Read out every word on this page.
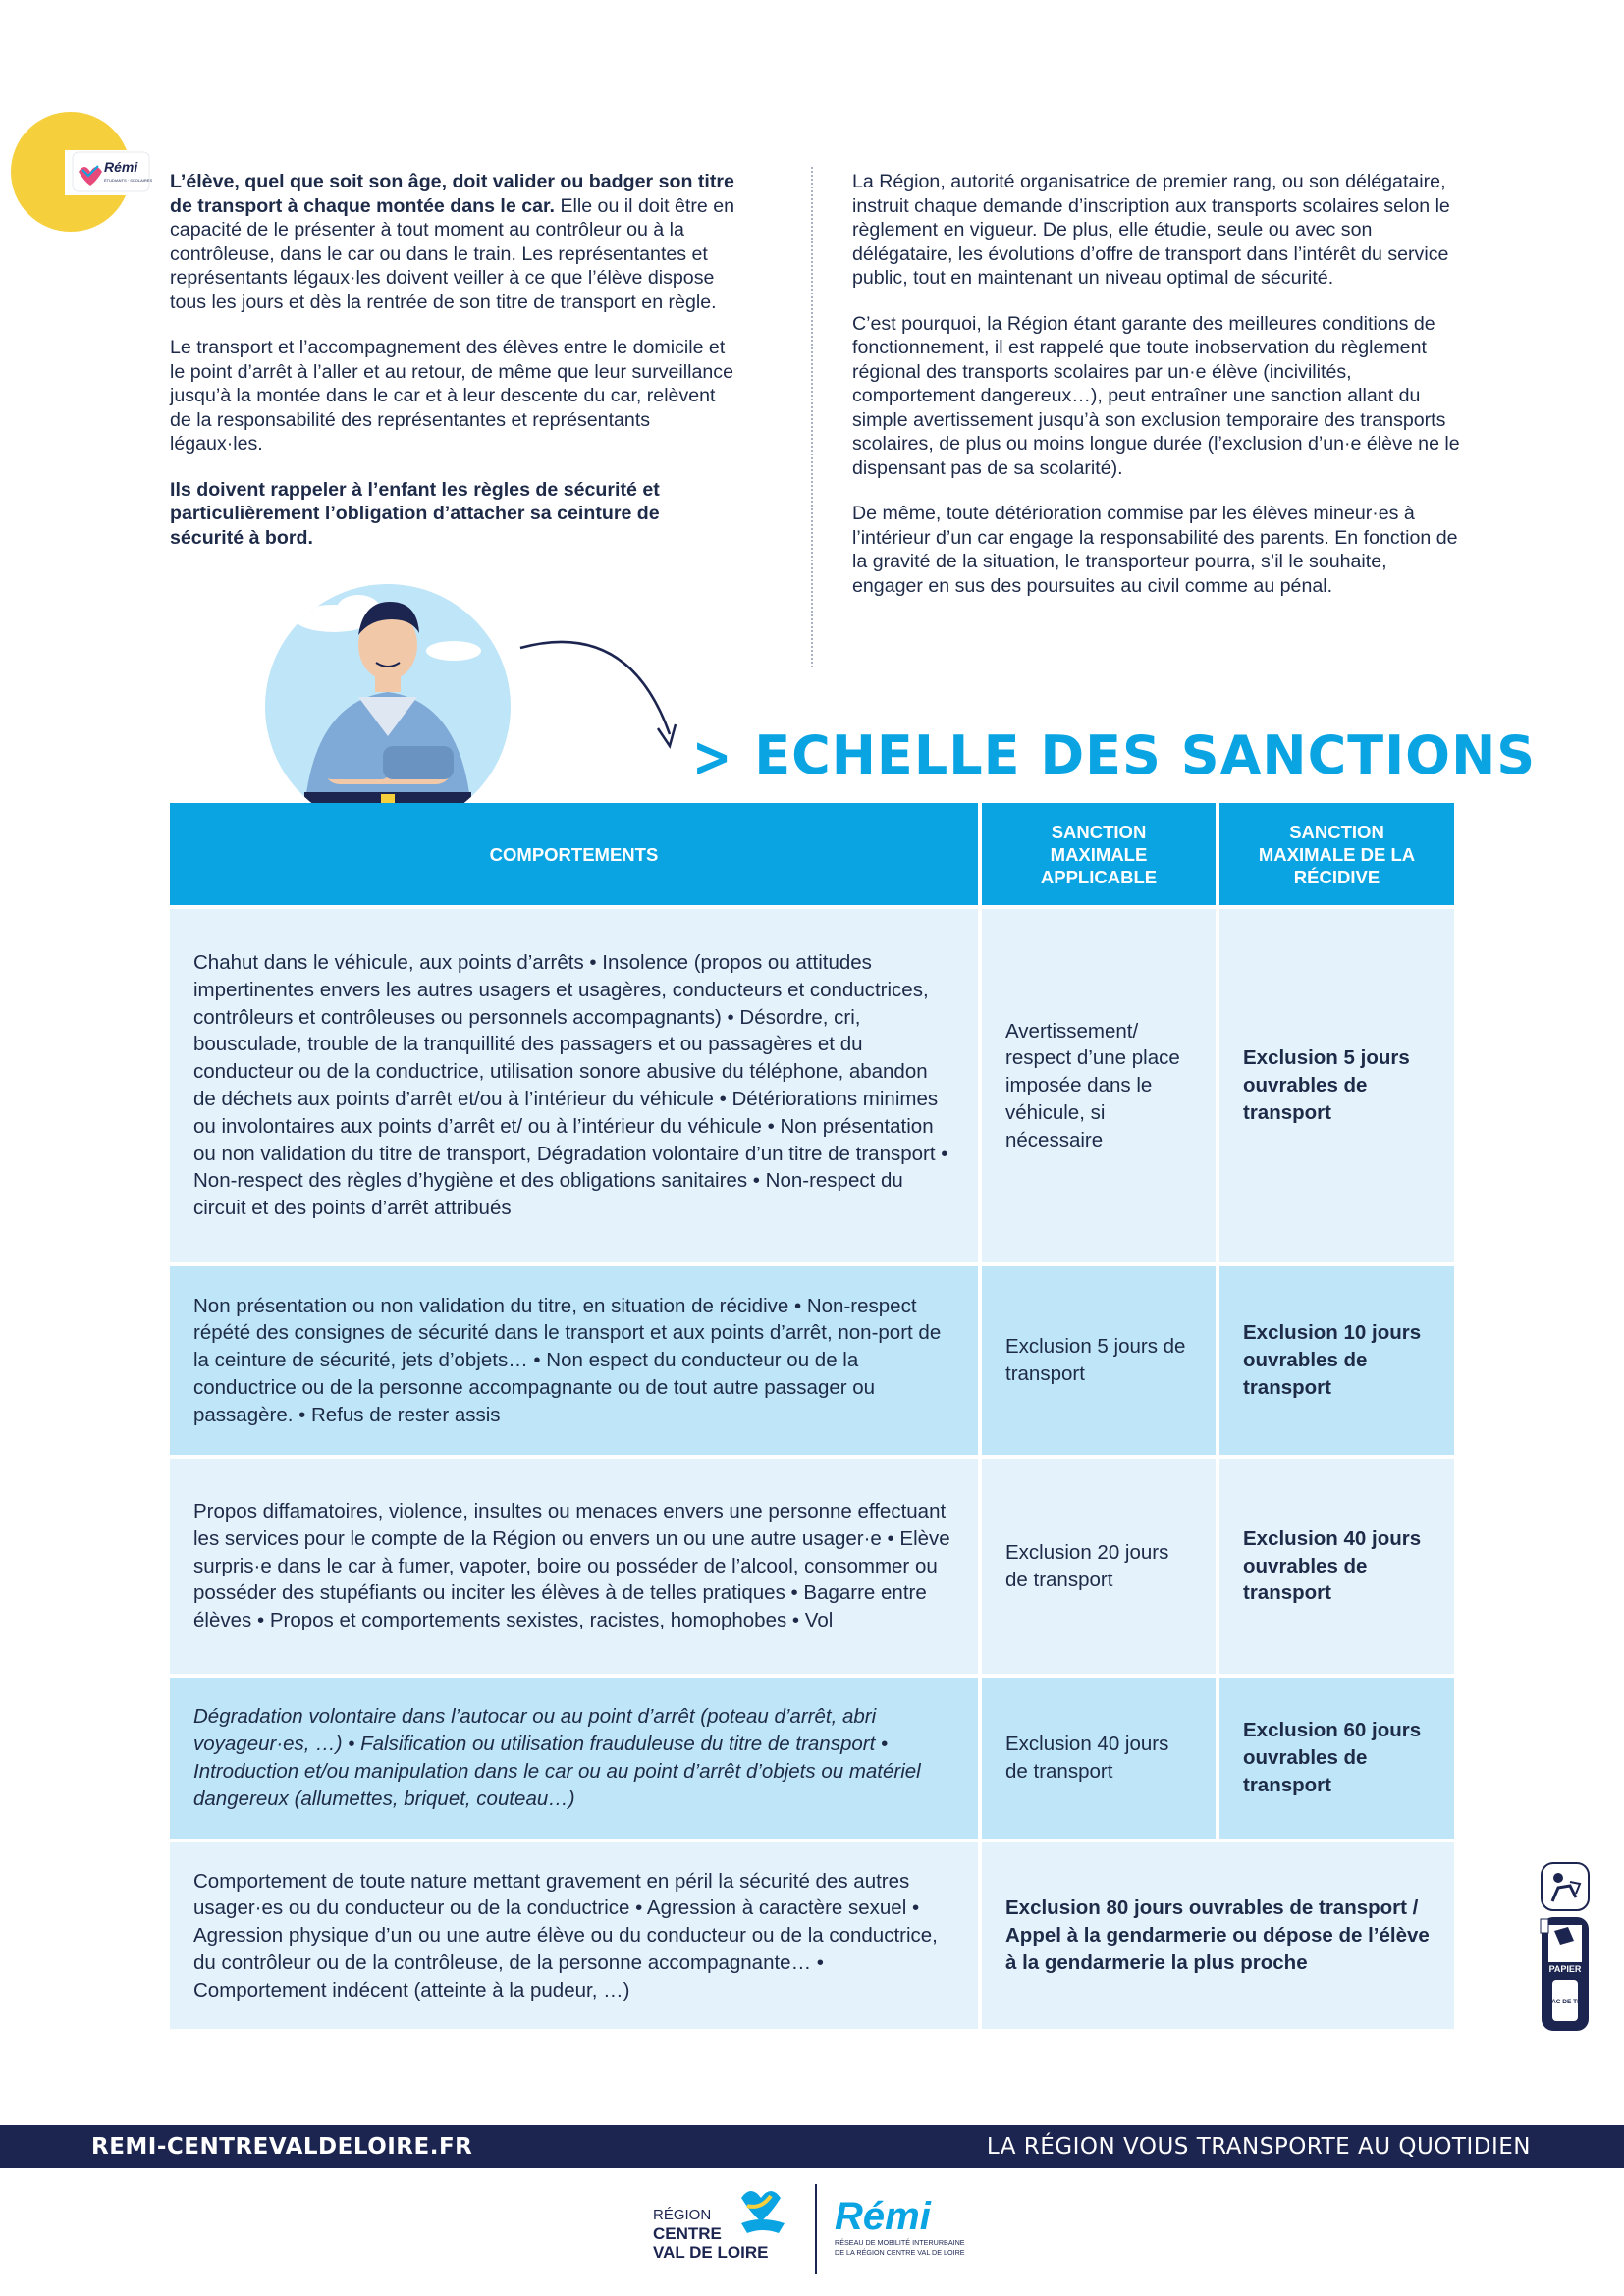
Rémi
ÉTUDIANTS · SCOLAIRES L’élève, quel que soit son âge, doit valider ou badger son titre de transport à chaque montée dans le car. Elle ou il doit être en capacité de le présenter à tout moment au contrôleur ou à la contrôleuse, dans le car ou dans le train. Les représentantes et représentants légaux·les doivent veiller à ce que l’élève dispose tous les jours et dès la rentrée de son titre de transport en règle.

Le transport et l’accompagnement des élèves entre le domicile et le point d’arrêt à l’aller et au retour, de même que leur surveillance jusqu’à la montée dans le car et à leur descente du car, relèvent de la responsabilité des représentantes et représentants légaux·les.

Ils doivent rappeler à l’enfant les règles de sécurité et particulièrement l’obligation d’attacher sa ceinture de sécurité à bord.

La Région, autorité organisatrice de premier rang, ou son délégataire, instruit chaque demande d’inscription aux transports scolaires selon le règlement en vigueur. De plus, elle étudie, seule ou avec son délégataire, les évolutions d’offre de transport dans l’intérêt du service public, tout en maintenant un niveau optimal de sécurité.

C’est pourquoi, la Région étant garante des meilleures conditions de fonctionnement, il est rappelé que toute inobservation du règlement régional des transports scolaires par un·e élève (incivilités, comportement dangereux…), peut entraîner une sanction allant du simple avertissement jusqu’à son exclusion temporaire des transports scolaires, de plus ou moins longue durée (l’exclusion d’un·e élève ne le dispensant pas de sa scolarité).

De même, toute détérioration commise par les élèves mineur·es à l’intérieur d’un car engage la responsabilité des parents. En fonction de la gravité de la situation, le transporteur pourra, s’il le souhaite, engager en sus des poursuites au civil comme au pénal.

> ECHELLE DES SANCTIONS
COMPORTEMENTS
SANCTION MAXIMALE APPLICABLE
SANCTION MAXIMALE DE LA RÉCIDIVE
Chahut dans le véhicule, aux points d’arrêts • Insolence (propos ou attitudes impertinentes envers les autres usagers et usagères, conducteurs et conductrices, contrôleurs et contrôleuses ou personnels accompagnants) • Désordre, cri, bousculade, trouble de la tranquillité des passagers et ou passagères et du conducteur ou de la conductrice, utilisation sonore abusive du téléphone, abandon de déchets aux points d’arrêt et/ou à l’intérieur du véhicule • Détériorations minimes ou involontaires aux points d’arrêt et/ ou à l’intérieur du véhicule • Non présentation ou non validation du titre de transport, Dégradation volontaire d’un titre de transport • Non-respect des règles d’hygiène et des obligations sanitaires • Non-respect du circuit et des points d’arrêt attribués
Avertissement/ respect d’une place imposée dans le véhicule, si nécessaire
Exclusion 5 jours ouvrables de transport
Non présentation ou non validation du titre, en situation de récidive • Non-respect répété des consignes de sécurité dans le transport et aux points d’arrêt, non-port de la ceinture de sécurité, jets d’objets… • Non espect du conducteur ou de la conductrice ou de la personne accompagnante ou de tout autre passager ou passagère. • Refus de rester assis
Exclusion 5 jours de transport
Exclusion 10 jours ouvrables de transport
Propos diffamatoires, violence, insultes ou menaces envers une personne effectuant les services pour le compte de la Région ou envers un ou une autre usager·e • Elève surpris·e dans le car à fumer, vapoter, boire ou posséder de l’alcool, consommer ou posséder des stupéfiants ou inciter les élèves à de telles pratiques • Bagarre entre élèves • Propos et comportements sexistes, racistes, homophobes • Vol
Exclusion 20 jours de transport
Exclusion 40 jours ouvrables de transport
Dégradation volontaire dans l’autocar ou au point d’arrêt (poteau d’arrêt, abri voyageur·es, …) • Falsification ou utilisation frauduleuse du titre de transport • Introduction et/ou manipulation dans le car ou au point d’arrêt d’objets ou matériel dangereux (allumettes, briquet, couteau…)
Exclusion 40 jours de transport
Exclusion 60 jours ouvrables de transport
Comportement de toute nature mettant gravement en péril la sécurité des autres usager·es ou du conducteur ou de la conductrice • Agression à caractère sexuel • Agression physique d’un ou une autre élève ou du conducteur ou de la conductrice, du contrôleur ou de la contrôleuse, de la personne accompagnante… • Comportement indécent (atteinte à la pudeur, …)
Exclusion 80 jours ouvrables de transport / Appel à la gendarmerie ou dépose de l’élève à la gendarmerie la plus proche	PAPIER
BAC DE TRI
REMI-CENTREVALDELOIRE.FR	LA RÉGION VOUS TRANSPORTE AU QUOTIDIEN
RÉGION
CENTRE
VAL DE LOIRE
Rémi
RÉSEAU DE MOBILITÉ INTERURBAINE
DE LA RÉGION CENTRE VAL DE LOIRE
